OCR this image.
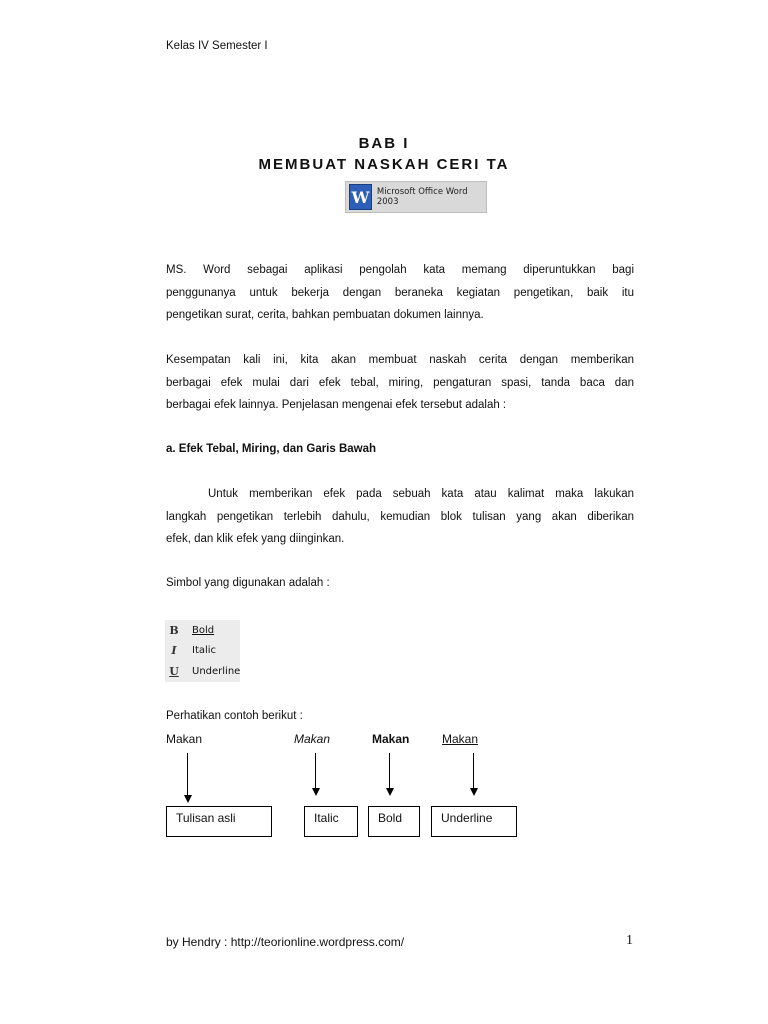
Kelas IV Semester I
BAB I
MEMBUAT NASKAH CERI TA
W Microsoft Office Word 2003
MS. Word sebagai aplikasi pengolah kata memang diperuntukkan bagi
penggunanya untuk bekerja dengan beraneka kegiatan pengetikan, baik itu
pengetikan surat, cerita, bahkan pembuatan dokumen lainnya.
Kesempatan kali ini, kita akan membuat naskah cerita dengan memberikan
berbagai efek mulai dari efek tebal, miring, pengaturan spasi, tanda baca dan
berbagai efek lainnya. Penjelasan mengenai efek tersebut adalah :
a. Efek Tebal, Miring, dan Garis Bawah
Untuk memberikan efek pada sebuah kata atau kalimat maka lakukan
langkah pengetikan terlebih dahulu, kemudian blok tulisan yang akan diberikan
efek, dan klik efek yang diinginkan.
Simbol yang digunakan adalah :
B	Bold
I	Italic
U	Underline
Perhatikan contoh berikut :
Makan	Makan	Makan	Makan
Tulisan asli	Italic	Bold	Underline
by Hendry : http://teorionline.wordpress.com/	1
